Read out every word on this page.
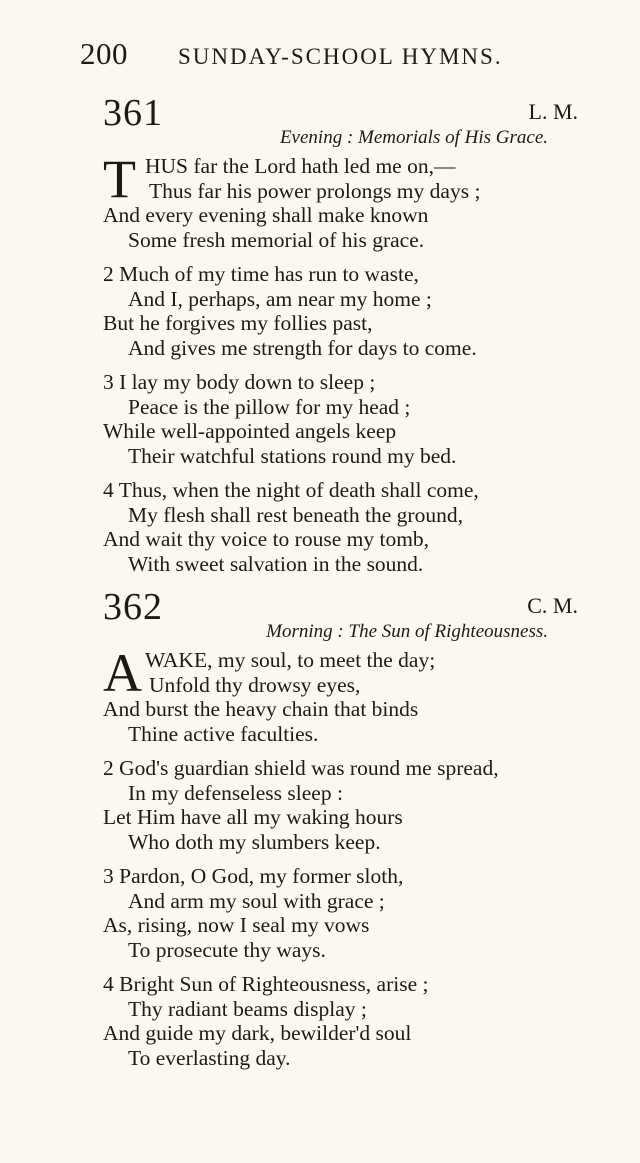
200 SUNDAY-SCHOOL HYMNS.
361	L. M.
Evening : Memorials of His Grace.
T HUS far the Lord hath led me on,—
Thus far his power prolongs my days ;
And every evening shall make known
Some fresh memorial of his grace.
2 Much of my time has run to waste,
And I, perhaps, am near my home ;
But he forgives my follies past,
And gives me strength for days to come.
3 I lay my body down to sleep ;
Peace is the pillow for my head ;
While well-appointed angels keep
Their watchful stations round my bed.
4 Thus, when the night of death shall come,
My flesh shall rest beneath the ground,
And wait thy voice to rouse my tomb,
With sweet salvation in the sound.
362	C. M.
Morning : The Sun of Righteousness.
A WAKE, my soul, to meet the day;
Unfold thy drowsy eyes,
And burst the heavy chain that binds
Thine active faculties.
2 God's guardian shield was round me spread,
In my defenseless sleep :
Let Him have all my waking hours
Who doth my slumbers keep.
3 Pardon, O God, my former sloth,
And arm my soul with grace ;
As, rising, now I seal my vows
To prosecute thy ways.
4 Bright Sun of Righteousness, arise ;
Thy radiant beams display ;
And guide my dark, bewilder'd soul
To everlasting day.
